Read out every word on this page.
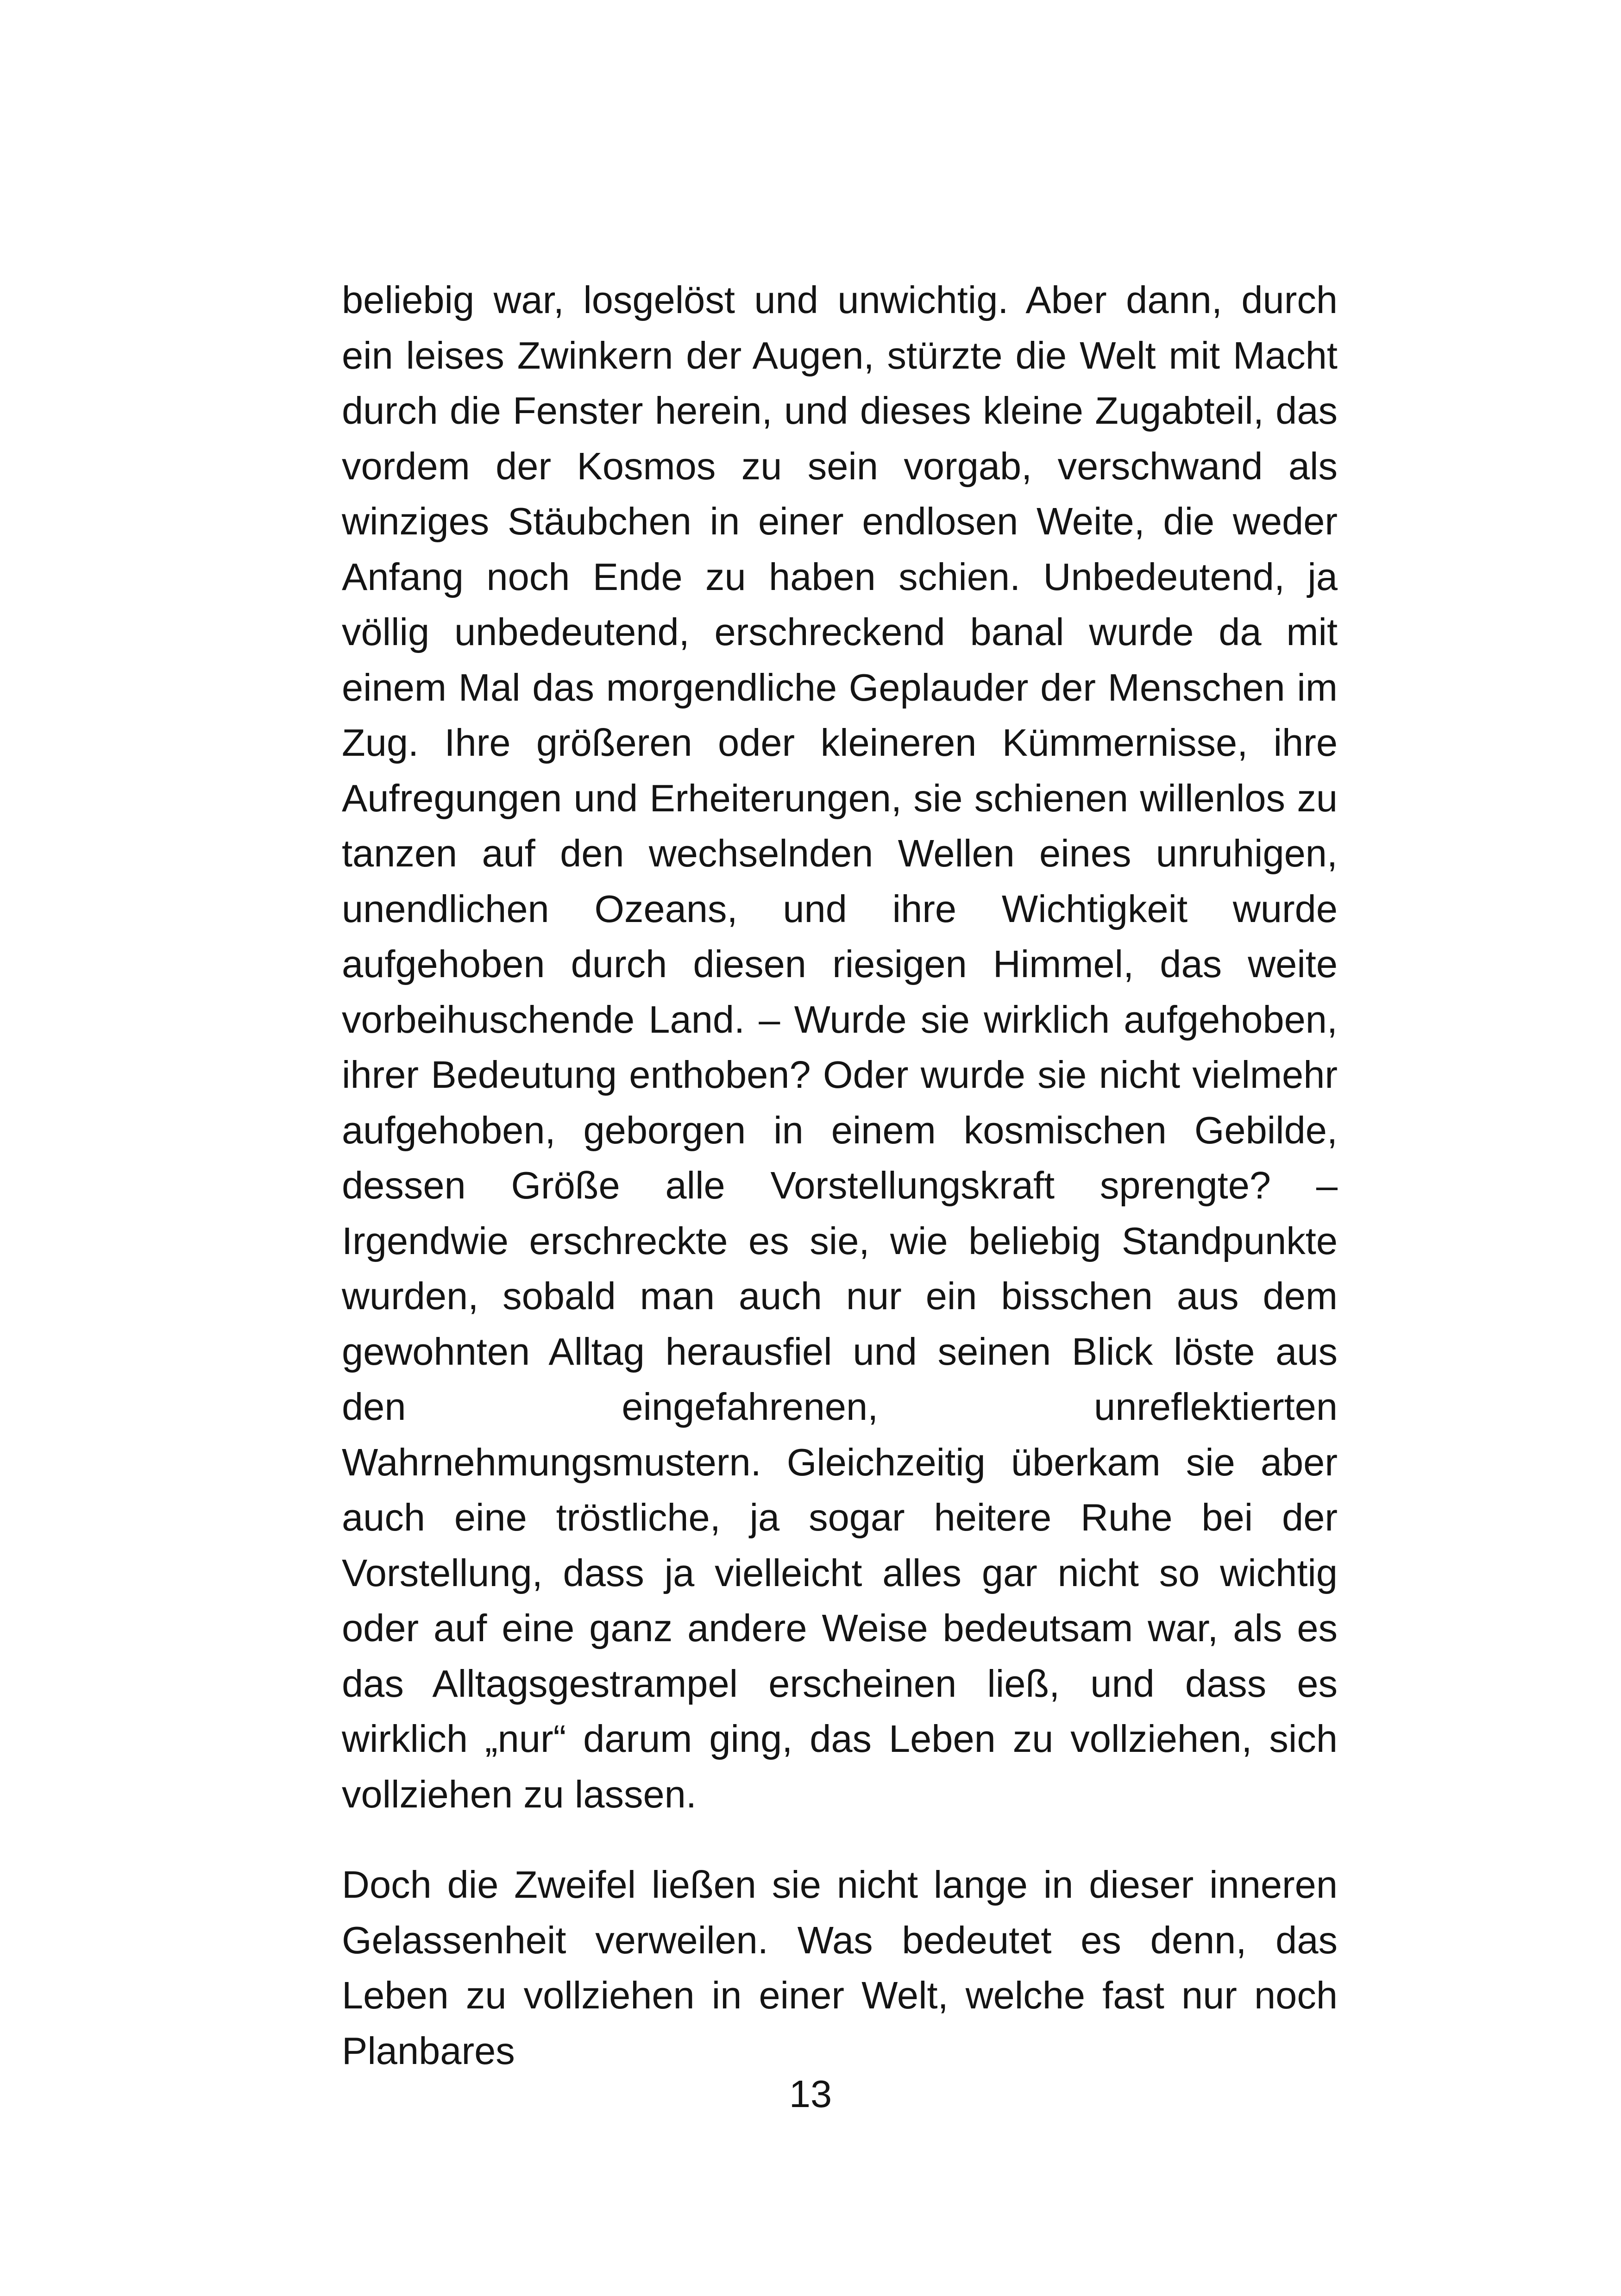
beliebig war, losgelöst und unwichtig. Aber dann, durch ein leises Zwinkern der Augen, stürzte die Welt mit Macht durch die Fenster herein, und dieses kleine Zugabteil, das vordem der Kosmos zu sein vorgab, verschwand als winziges Stäubchen in einer endlosen Weite, die weder Anfang noch Ende zu haben schien. Unbedeutend, ja völlig unbedeutend, erschreckend banal wurde da mit einem Mal das morgendliche Geplauder der Menschen im Zug. Ihre größeren oder kleineren Kümmernisse, ihre Aufregungen und Erheiterungen, sie schienen willenlos zu tanzen auf den wechselnden Wellen eines unruhigen, unendlichen Ozeans, und ihre Wichtigkeit wurde aufgehoben durch diesen riesigen Himmel, das weite vorbeihuschende Land. – Wurde sie wirklich aufgehoben, ihrer Bedeutung enthoben? Oder wurde sie nicht vielmehr aufgehoben, geborgen in einem kosmischen Gebilde, dessen Größe alle Vorstellungskraft sprengte? – Irgendwie erschreckte es sie, wie beliebig Standpunkte wurden, sobald man auch nur ein bisschen aus dem gewohnten Alltag herausfiel und seinen Blick löste aus den eingefahrenen, unreflektierten Wahrnehmungsmustern. Gleichzeitig überkam sie aber auch eine tröstliche, ja sogar heitere Ruhe bei der Vorstellung, dass ja vielleicht alles gar nicht so wichtig oder auf eine ganz andere Weise bedeutsam war, als es das Alltagsgestrampel erscheinen ließ, und dass es wirklich „nur“ darum ging, das Leben zu vollziehen, sich vollziehen zu lassen.

Doch die Zweifel ließen sie nicht lange in dieser inneren Gelassenheit verweilen. Was bedeutet es denn, das Leben zu vollziehen in einer Welt, welche fast nur noch Planbares

13
